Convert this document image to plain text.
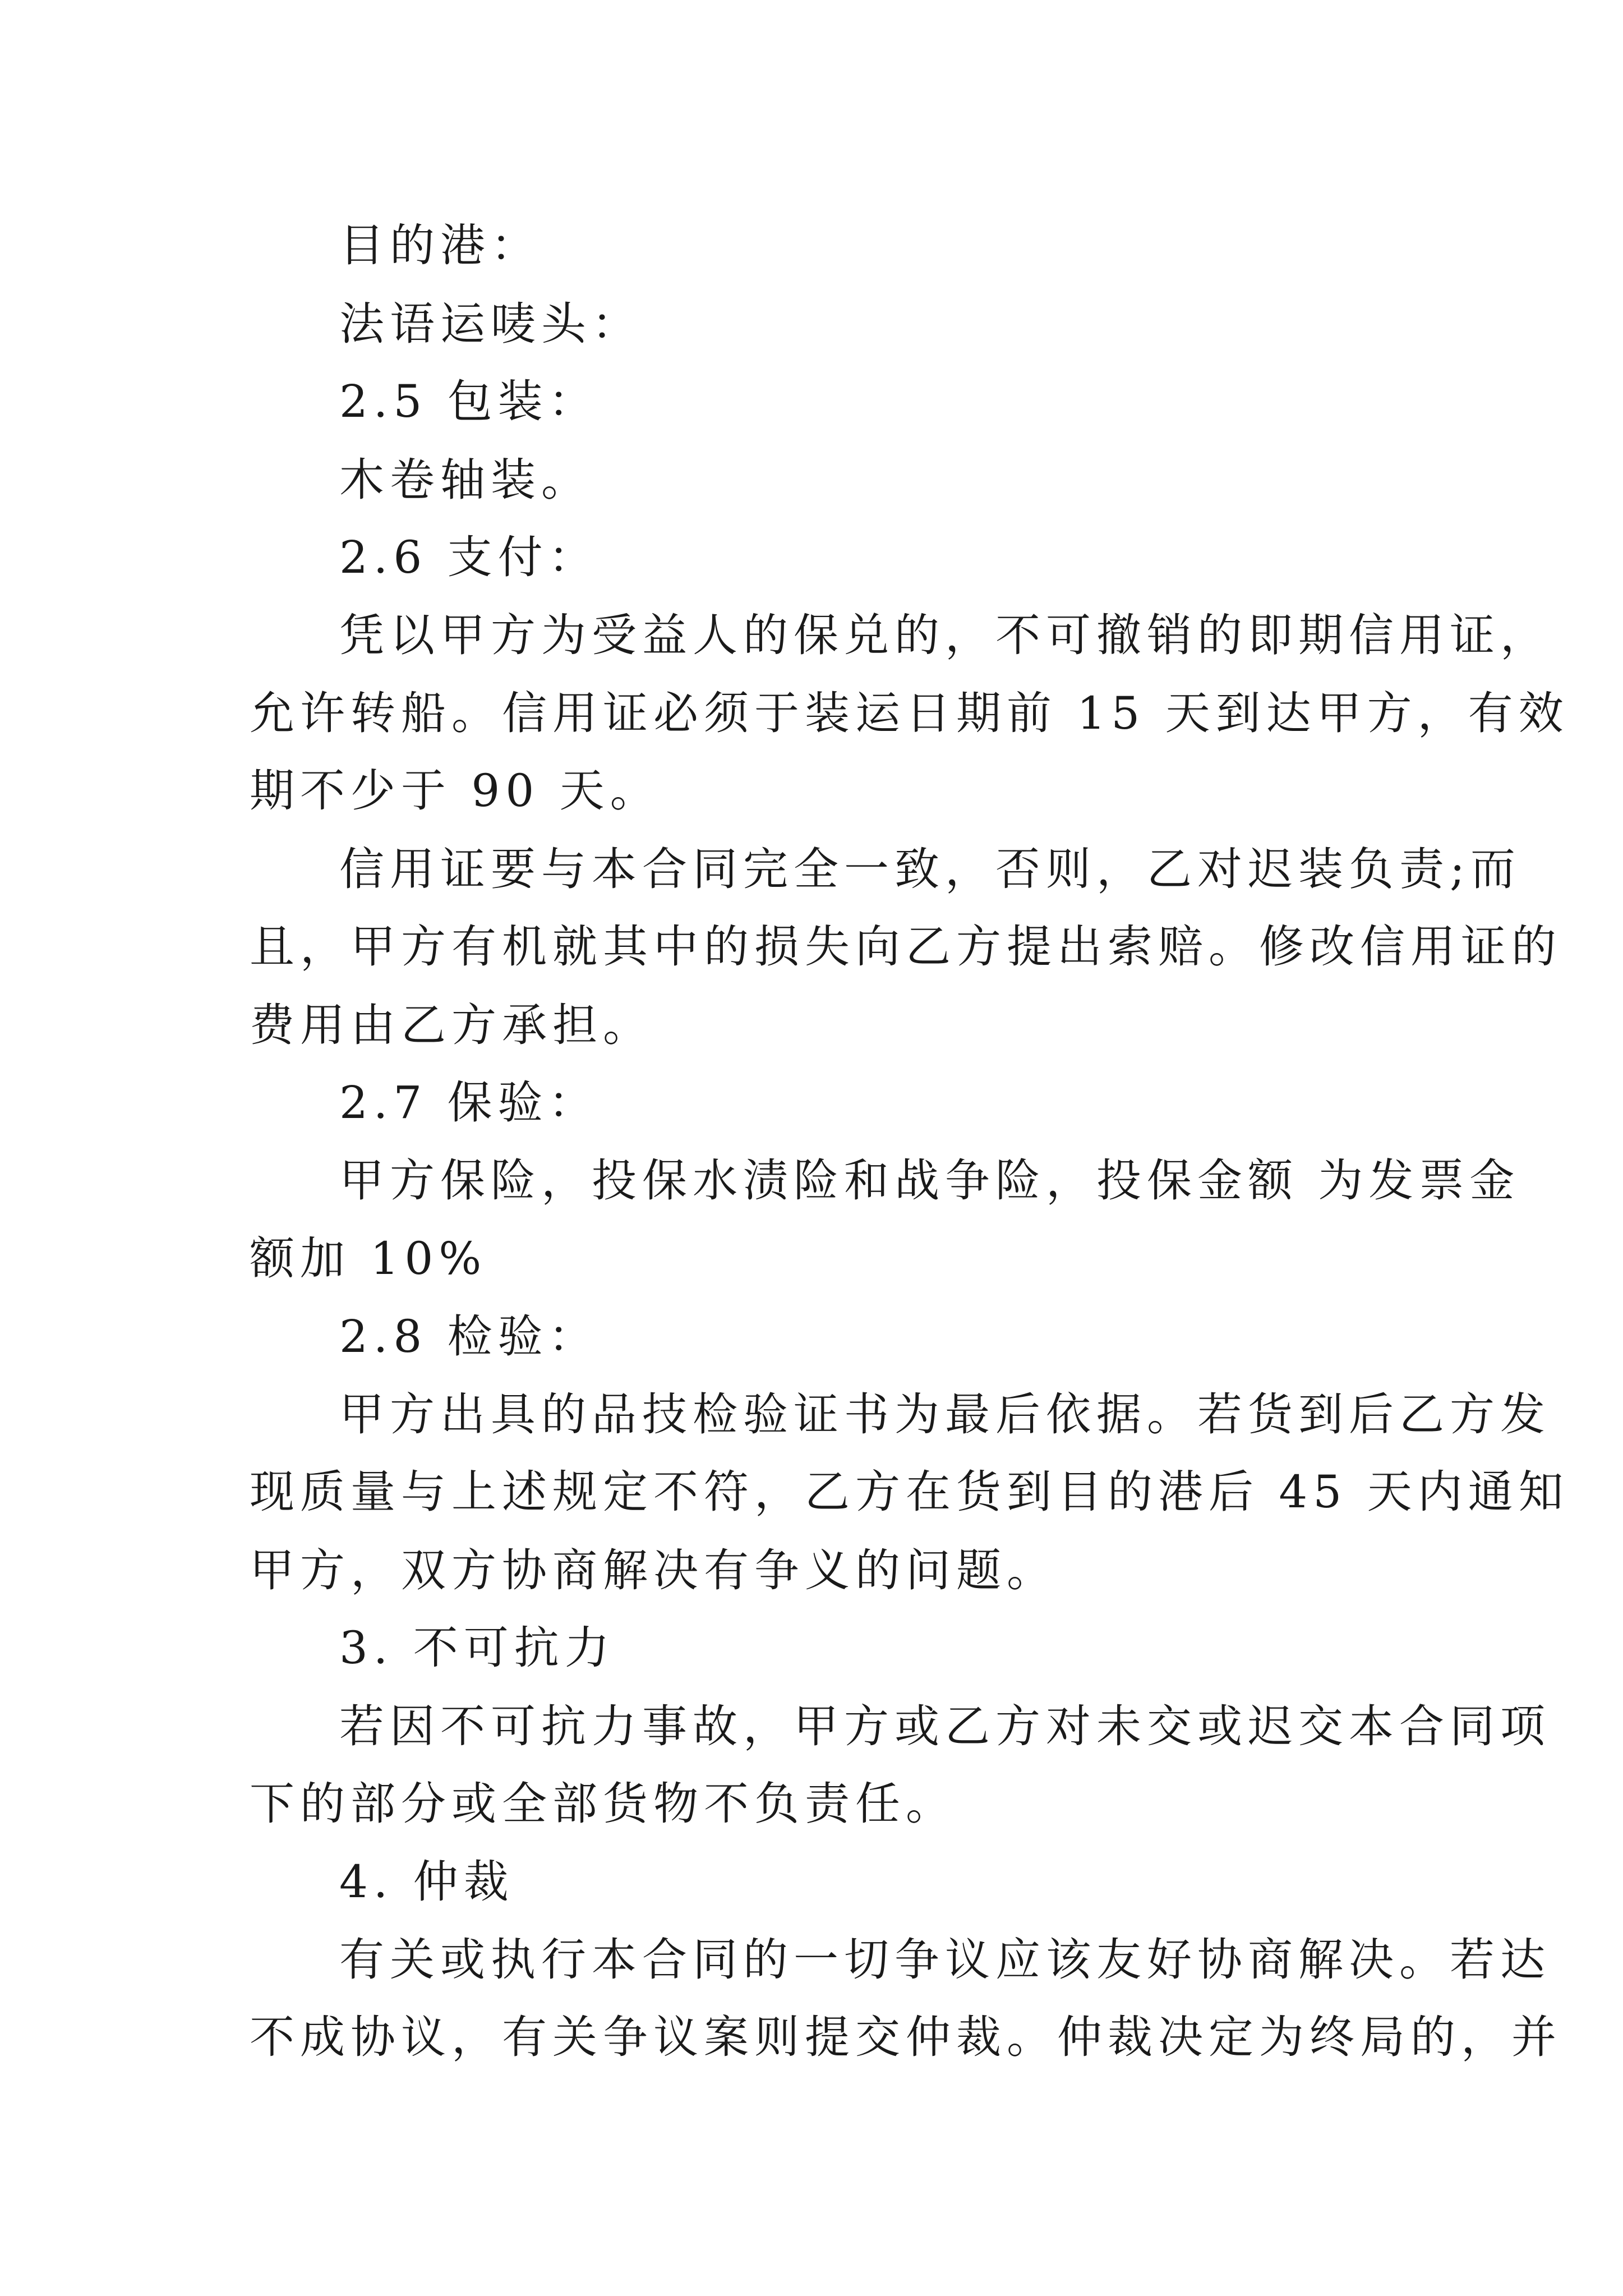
目的港：
法语运唛头：
2.5 包装：
木卷轴装。
2.6 支付：
凭以甲方为受益人的保兑的，不可撤销的即期信用证，
允许转船。信用证必须于装运日期前 15 天到达甲方，有效
期不少于 90 天。
信用证要与本合同完全一致，否则，乙对迟装负责;而
且，甲方有机就其中的损失向乙方提出索赔。修改信用证的
费用由乙方承担。
2.7 保验：
甲方保险，投保水渍险和战争险，投保金额 为发票金
额加 10%
2.8 检验：
甲方出具的品技检验证书为最后依据。若货到后乙方发
现质量与上述规定不符，乙方在货到目的港后 45 天内通知
甲方，双方协商解决有争义的问题。
3. 不可抗力
若因不可抗力事故，甲方或乙方对未交或迟交本合同项
下的部分或全部货物不负责任。
4. 仲裁
有关或执行本合同的一切争议应该友好协商解决。若达
不成协议，有关争议案则提交仲裁。仲裁决定为终局的，并
